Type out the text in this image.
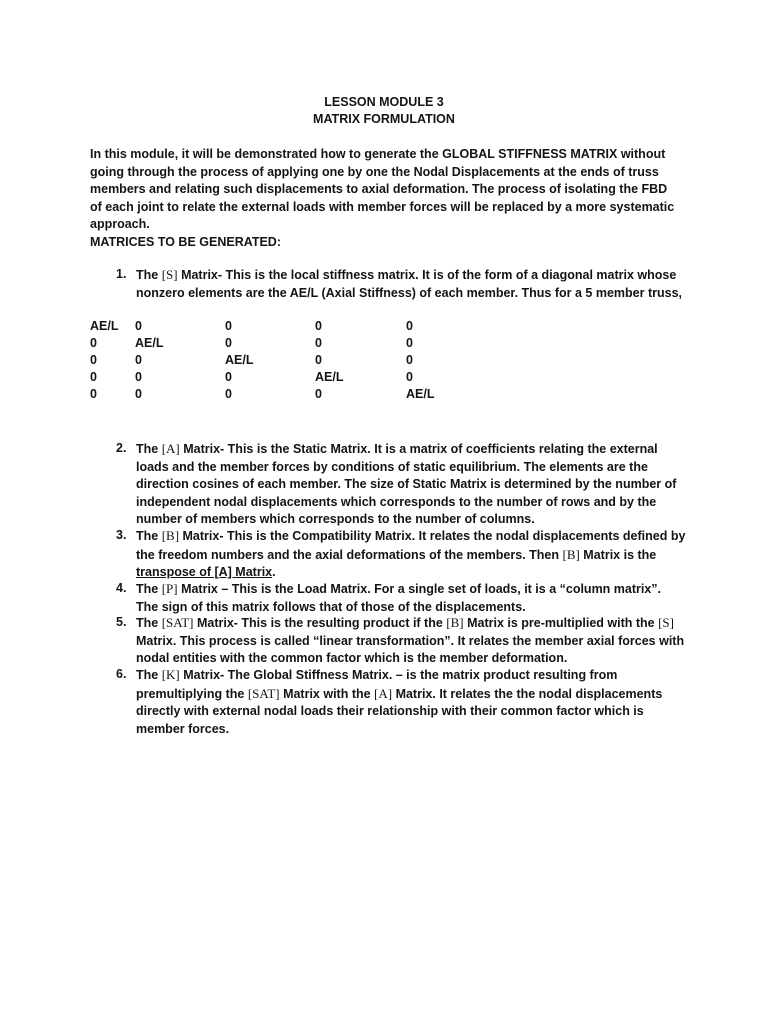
LESSON MODULE 3
MATRIX FORMULATION
In this module, it will be demonstrated how to generate the GLOBAL STIFFNESS MATRIX without going through the process of applying one by one the Nodal Displacements at the ends of truss members and relating such displacements to axial deformation. The process of isolating the FBD of each joint to relate the external loads with member forces will be replaced by a more systematic approach.
MATRICES TO BE GENERATED:
1. The [S] Matrix- This is the local stiffness matrix. It is of the form of a diagonal matrix whose nonzero elements are the AE/L (Axial Stiffness) of each member. Thus for a 5 member truss,
AE/L 0	0	0	0
0	AE/L	0	0	0
0	0	AE/L	0	0
0	0	0	AE/L	0
0	0	0	0	AE/L
2. The [A] Matrix- This is the Static Matrix. It is a matrix of coefficients relating the external loads and the member forces by conditions of static equilibrium. The elements are the direction cosines of each member. The size of Static Matrix is determined by the number of independent nodal displacements which corresponds to the number of rows and by the number of members which corresponds to the number of columns.
3. The [B] Matrix- This is the Compatibility Matrix. It relates the nodal displacements defined by the freedom numbers and the axial deformations of the members. Then [B] Matrix is the transpose of [A] Matrix.
4. The [P] Matrix – This is the Load Matrix. For a single set of loads, it is a “column matrix”. The sign of this matrix follows that of those of the displacements.
5. The [SAT] Matrix- This is the resulting product if the [B] Matrix is pre-multiplied with the [S] Matrix. This process is called “linear transformation”. It relates the member axial forces with nodal entities with the common factor which is the member deformation.
6. The [K] Matrix- The Global Stiffness Matrix. – is the matrix product resulting from premultiplying the [SAT] Matrix with the [A] Matrix. It relates the the nodal displacements directly with external nodal loads their relationship with their common factor which is member forces.
